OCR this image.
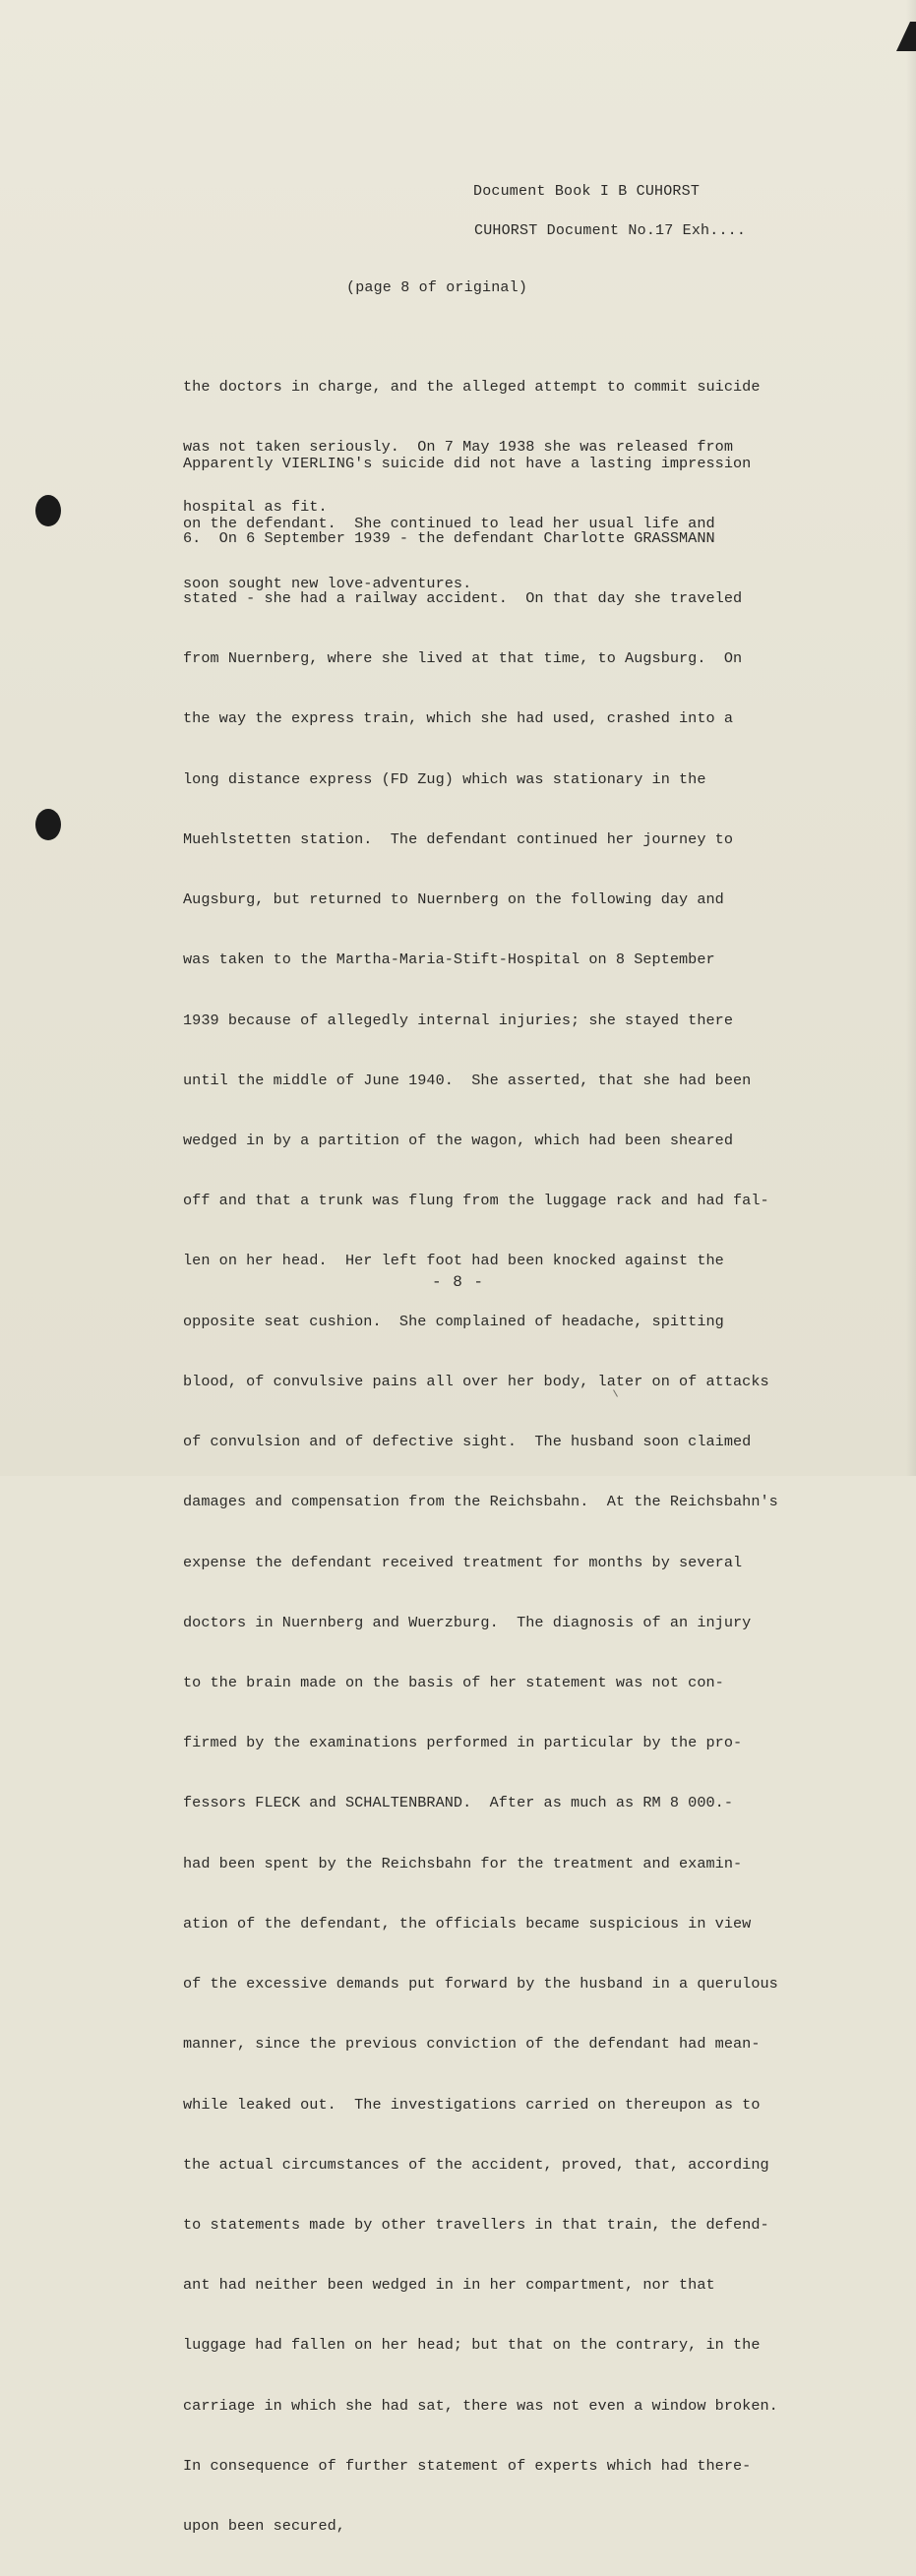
Document Book I B CUHORST
CUHORST Document No.17 Exh....
(page 8 of original)

the doctors in charge, and the alleged attempt to commit suicide

was not taken seriously.  On 7 May 1938 she was released from

hospital as fit.

Apparently VIERLING's suicide did not have a lasting impression

on the defendant.  She continued to lead her usual life and

soon sought new love-adventures.

6.  On 6 September 1939 - the defendant Charlotte GRASSMANN

stated - she had a railway accident.  On that day she traveled

from Nuernberg, where she lived at that time, to Augsburg.  On

the way the express train, which she had used, crashed into a

long distance express (FD Zug) which was stationary in the

Muehlstetten station.  The defendant continued her journey to

Augsburg, but returned to Nuernberg on the following day and

was taken to the Martha-Maria-Stift-Hospital on 8 September

1939 because of allegedly internal injuries; she stayed there

until the middle of June 1940.  She asserted, that she had been

wedged in by a partition of the wagon, which had been sheared

off and that a trunk was flung from the luggage rack and had fal-

len on her head.  Her left foot had been knocked against the

opposite seat cushion.  She complained of headache, spitting

blood, of convulsive pains all over her body, later on of attacks

of convulsion and of defective sight.  The husband soon claimed

damages and compensation from the Reichsbahn.  At the Reichsbahn's

expense the defendant received treatment for months by several

doctors in Nuernberg and Wuerzburg.  The diagnosis of an injury

to the brain made on the basis of her statement was not con-

firmed by the examinations performed in particular by the pro-

fessors FLECK and SCHALTENBRAND.  After as much as RM 8 000.-

had been spent by the Reichsbahn for the treatment and examin-

ation of the defendant, the officials became suspicious in view

of the excessive demands put forward by the husband in a querulous

manner, since the previous conviction of the defendant had mean-

while leaked out.  The investigations carried on thereupon as to

the actual circumstances of the accident, proved, that, according

to statements made by other travellers in that train, the defend-

ant had neither been wedged in in her compartment, nor that

luggage had fallen on her head; but that on the contrary, in the

carriage in which she had sat, there was not even a window broken.

In consequence of further statement of experts which had there-

upon been secured,

- 8 -
